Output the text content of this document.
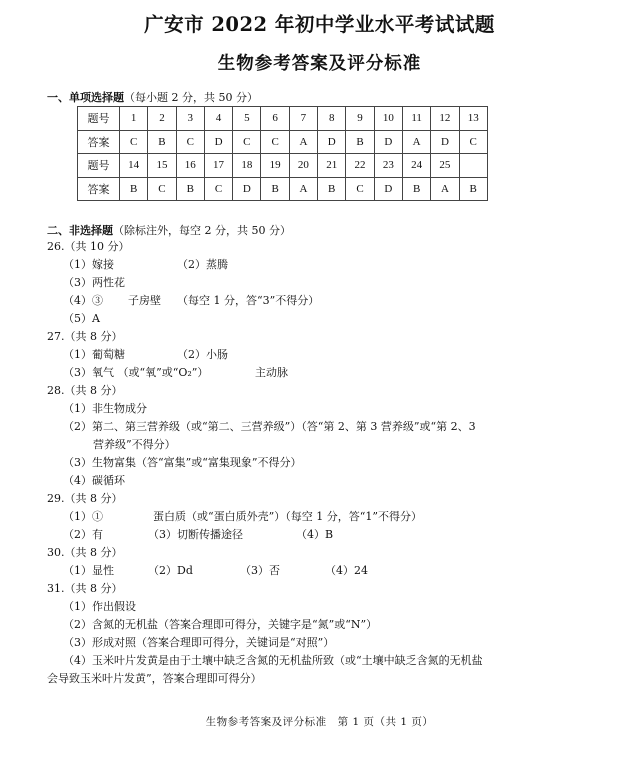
广安市 2022 年初中学业水平考试试题
生物参考答案及评分标准
一、单项选择题（每小题 2 分，共 50 分）
题号	1	2	3	4	5	6	7	8	9	10	11	12	13
答案	C	B	C	D	C	C	A	D	B	D	A	D	C
题号	14	15	16	17	18	19	20	21	22	23	24	25	
答案	B	C	B	C	D	B	A	B	C	D	B	A	B
二、非选择题（除标注外，每空 2 分，共 50 分）
26.（共 10 分）
（1）嫁接	（2）蒸腾
（3）两性花
（4）③ 子房壁 （每空 1 分，答“3”不得分）
（5）A
27.（共 8 分）
（1）葡萄糖	（2）小肠
（3）氧气 （或“氧”或“O₂”）	主动脉
28.（共 8 分）
（1）非生物成分
（2）第二、第三营养级（或“第二、三营养级”）（答“第 2、第 3 营养级”或“第 2、3
营养级”不得分）
（3）生物富集（答“富集”或“富集现象”不得分）
（4）碳循环
29.（共 8 分）
（1）①	蛋白质（或“蛋白质外壳”）（每空 1 分，答“1”不得分）
（2）有	（3）切断传播途径	（4）B
30.（共 8 分）
（1）显性	（2）Dd	（3）否	（4）24
31.（共 8 分）
（1）作出假设
（2）含氮的无机盐（答案合理即可得分，关键字是“氮”或“N”）
（3）形成对照（答案合理即可得分，关键词是“对照”）
（4）玉米叶片发黄是由于土壤中缺乏含氮的无机盐所致（或“土壤中缺乏含氮的无机盐
会导致玉米叶片发黄”，答案合理即可得分）
生物参考答案及评分标准　第 1 页（共 1 页）
